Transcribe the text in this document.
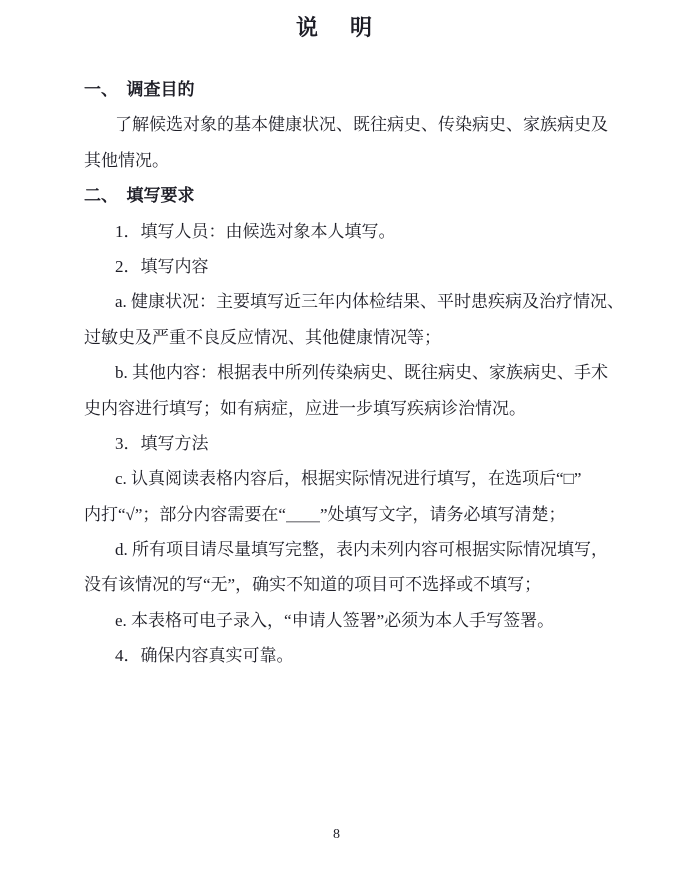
说　明
一、　调查目的
了解候选对象的基本健康状况、既往病史、传染病史、家族病史及
其他情况。
二、　填写要求
1．填写人员：由候选对象本人填写。
2．填写内容
a. 健康状况：主要填写近三年内体检结果、平时患疾病及治疗情况、
过敏史及严重不良反应情况、其他健康情况等；
b. 其他内容：根据表中所列传染病史、既往病史、家族病史、手术
史内容进行填写；如有病症，应进一步填写疾病诊治情况。
3．填写方法
c. 认真阅读表格内容后，根据实际情况进行填写，在选项后“□”
内打“√”；部分内容需要在“＿＿”处填写文字，请务必填写清楚；
d. 所有项目请尽量填写完整，表内未列内容可根据实际情况填写，
没有该情况的写“无”，确实不知道的项目可不选择或不填写；
e. 本表格可电子录入，“申请人签署”必须为本人手写签署。
4．确保内容真实可靠。
8
